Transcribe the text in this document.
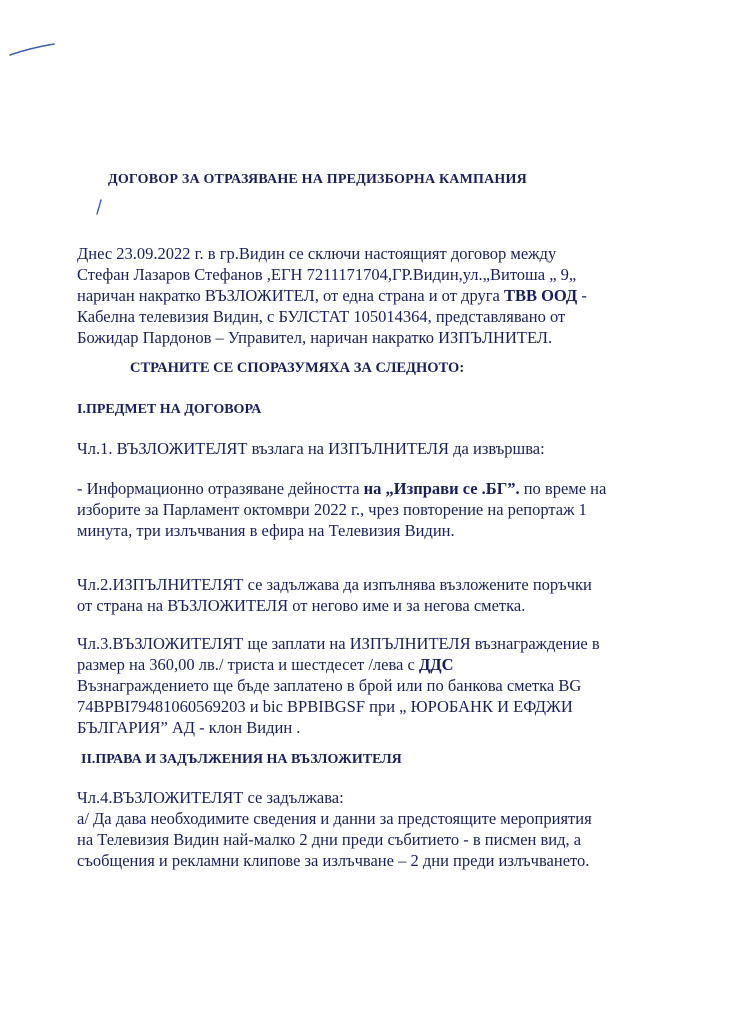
ДОГОВОР ЗА ОТРАЗЯВАНЕ НА ПРЕДИЗБОРНА КАМПАНИЯ
Днес 23.09.2022 г. в гр.Видин се сключи настоящият договор между
Стефан Лазаров Стефанов ,ЕГН 7211171704,ГР.Видин,ул.„Витоша „ 9„
наричан накратко ВЪЗЛОЖИТЕЛ, от една страна и от друга ТВВ ООД -
Кабелна телевизия Видин, с БУЛСТАТ 105014364, представлявано от
Божидар Пардонов – Управител, наричан накратко ИЗПЪЛНИТЕЛ.
СТРАНИТЕ СЕ СПОРАЗУМЯХА ЗА СЛЕДНОТО:
I.ПРЕДМЕТ НА ДОГОВОРА
Чл.1. ВЪЗЛОЖИТЕЛЯТ възлага на ИЗПЪЛНИТЕЛЯ да извършва:
- Информационно отразяване дейността на „Изправи се .БГ”. по време на
изборите за Парламент октомври 2022 г., чрез повторение на репортаж 1
минута, три излъчвания в ефира на Телевизия Видин.
Чл.2.ИЗПЪЛНИТЕЛЯТ се задължава да изпълнява възложените поръчки
от страна на ВЪЗЛОЖИТЕЛЯ от негово име и за негова сметка.
Чл.3.ВЪЗЛОЖИТЕЛЯТ ще заплати на ИЗПЪЛНИТЕЛЯ възнаграждение в
размер на 360,00 лв./ триста и шестдесет /лева с ДДС
Възнаграждението ще бъде заплатено в брой или по банкова сметка BG
74BPBI79481060569203 и bic BPBIBGSF при „ ЮРОБАНК И ЕФДЖИ
БЪЛГАРИЯ” АД - клон Видин .
II.ПРАВА И ЗАДЪЛЖЕНИЯ НА ВЪЗЛОЖИТЕЛЯ
Чл.4.ВЪЗЛОЖИТЕЛЯТ се задължава:
а/ Да дава необходимите сведения и данни за предстоящите мероприятия
на Телевизия Видин най-малко 2 дни преди събитието - в писмен вид, а
съобщения и рекламни клипове за излъчване – 2 дни преди излъчването.
